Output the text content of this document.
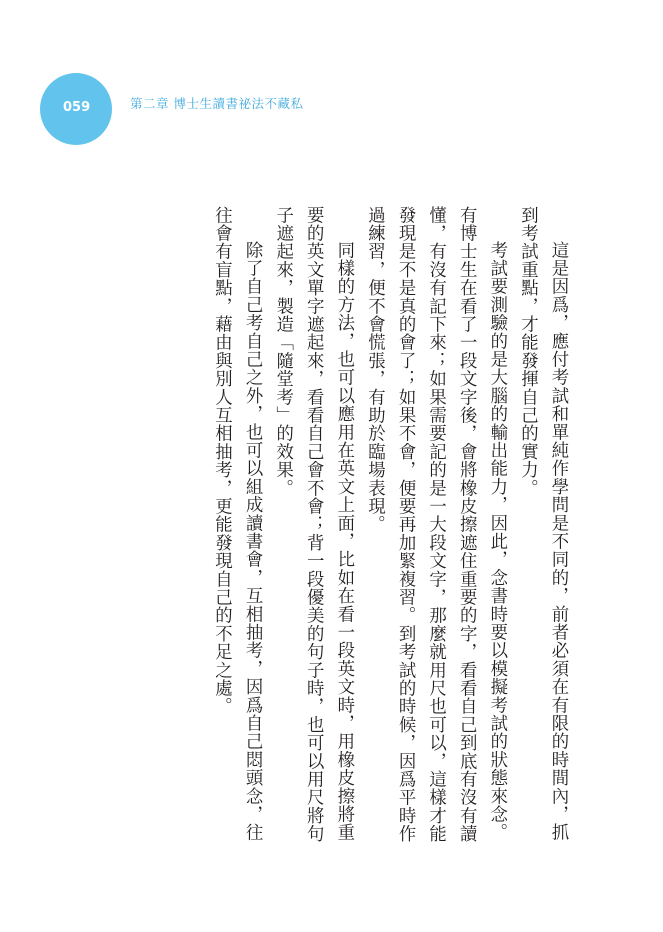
059	第二章 博士生讀書祕法不藏私

這是因爲，應付考試和單純作學問是不同的，前者必須在有限的時間內，抓到考試重點，才能發揮自己的實力。

考試要測驗的是大腦的輸出能力，因此，念書時要以模擬考試的狀態來念。有博士生在看了一段文字後，會將橡皮擦遮住重要的字，看看自己到底有沒有讀懂，有沒有記下來；如果需要記的是一大段文字，那麼就用尺也可以，這樣才能發現是不是真的會了；如果不會，便要再加緊複習。到考試的時候，因爲平時作過練習，便不會慌張，有助於臨場表現。

同樣的方法，也可以應用在英文上面，比如在看一段英文時，用橡皮擦將重要的英文單字遮起來，看看自己會不會；背一段優美的句子時，也可以用尺將句子遮起來，製造「隨堂考」的效果。

除了自己考自己之外，也可以組成讀書會，互相抽考，因爲自己悶頭念，往往會有盲點，藉由與別人互相抽考，更能發現自己的不足之處。
